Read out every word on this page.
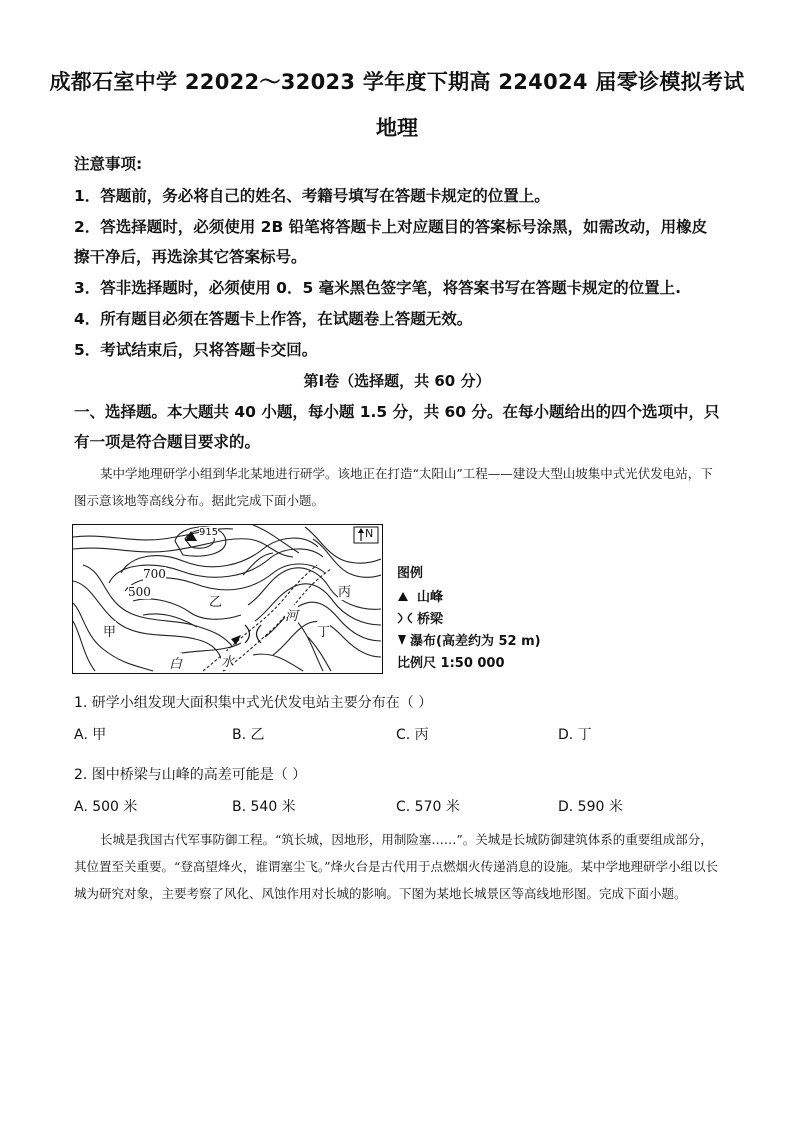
成都石室中学 22022～32023 学年度下期高 224024 届零诊模拟考试
地理
注意事项:
1．答题前，务必将自己的姓名、考籍号填写在答题卡规定的位置上。
2．答选择题时，必须使用 2B 铅笔将答题卡上对应题目的答案标号涂黑，如需改动，用橡皮
擦干净后，再选涂其它答案标号。
3．答非选择题时，必须使用 0．5 毫米黑色签字笔，将答案书写在答题卡规定的位置上.
4．所有题目必须在答题卡上作答，在试题卷上答题无效。
5．考试结束后，只将答题卡交回。
第Ⅰ卷（选择题，共 60 分）
一、选择题。本大题共 40 小题，每小题 1.5 分，共 60 分。在每小题给出的四个选项中，只
有一项是符合题目要求的。
某中学地理研学小组到华北某地进行研学。该地正在打造“太阳山”工程——建设大型山坡集中式光伏发电站，下图示意该地等高线分布。据此完成下面小题。
915	N
700
500
甲
乙
丙
丁
河
白	水
图例
山峰
桥梁
瀑布(高差约为 52 m)
比例尺 1:50 000
1. 研学小组发现大面积集中式光伏发电站主要分布在（ ）
A. 甲	B. 乙	C. 丙	D. 丁
2. 图中桥梁与山峰的高差可能是（ ）
A. 500 米	B. 540 米	C. 570 米	D. 590 米
长城是我国古代军事防御工程。“筑长城，因地形，用制险塞……”。关城是长城防御建筑体系的重要组成部分，其位置至关重要。“登高望烽火，谁谓塞尘飞。”烽火台是古代用于点燃烟火传递消息的设施。某中学地理研学小组以长城为研究对象，主要考察了风化、风蚀作用对长城的影响。下图为某地长城景区等高线地形图。完成下面小题。
